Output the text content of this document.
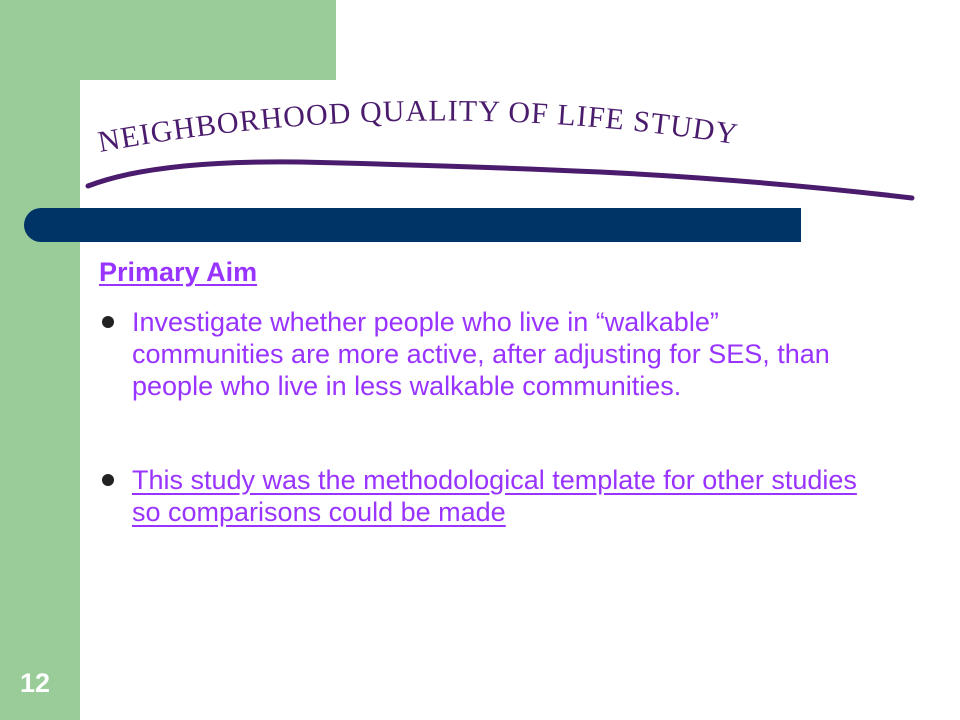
NEIGHBORHOOD QUALITY OF LIFE STUDY
Primary Aim
Investigate whether people who live in “walkable” communities are more active, after adjusting for SES, than people who live in less walkable communities.
This study was the methodological template for other studies so comparisons could be made
12
